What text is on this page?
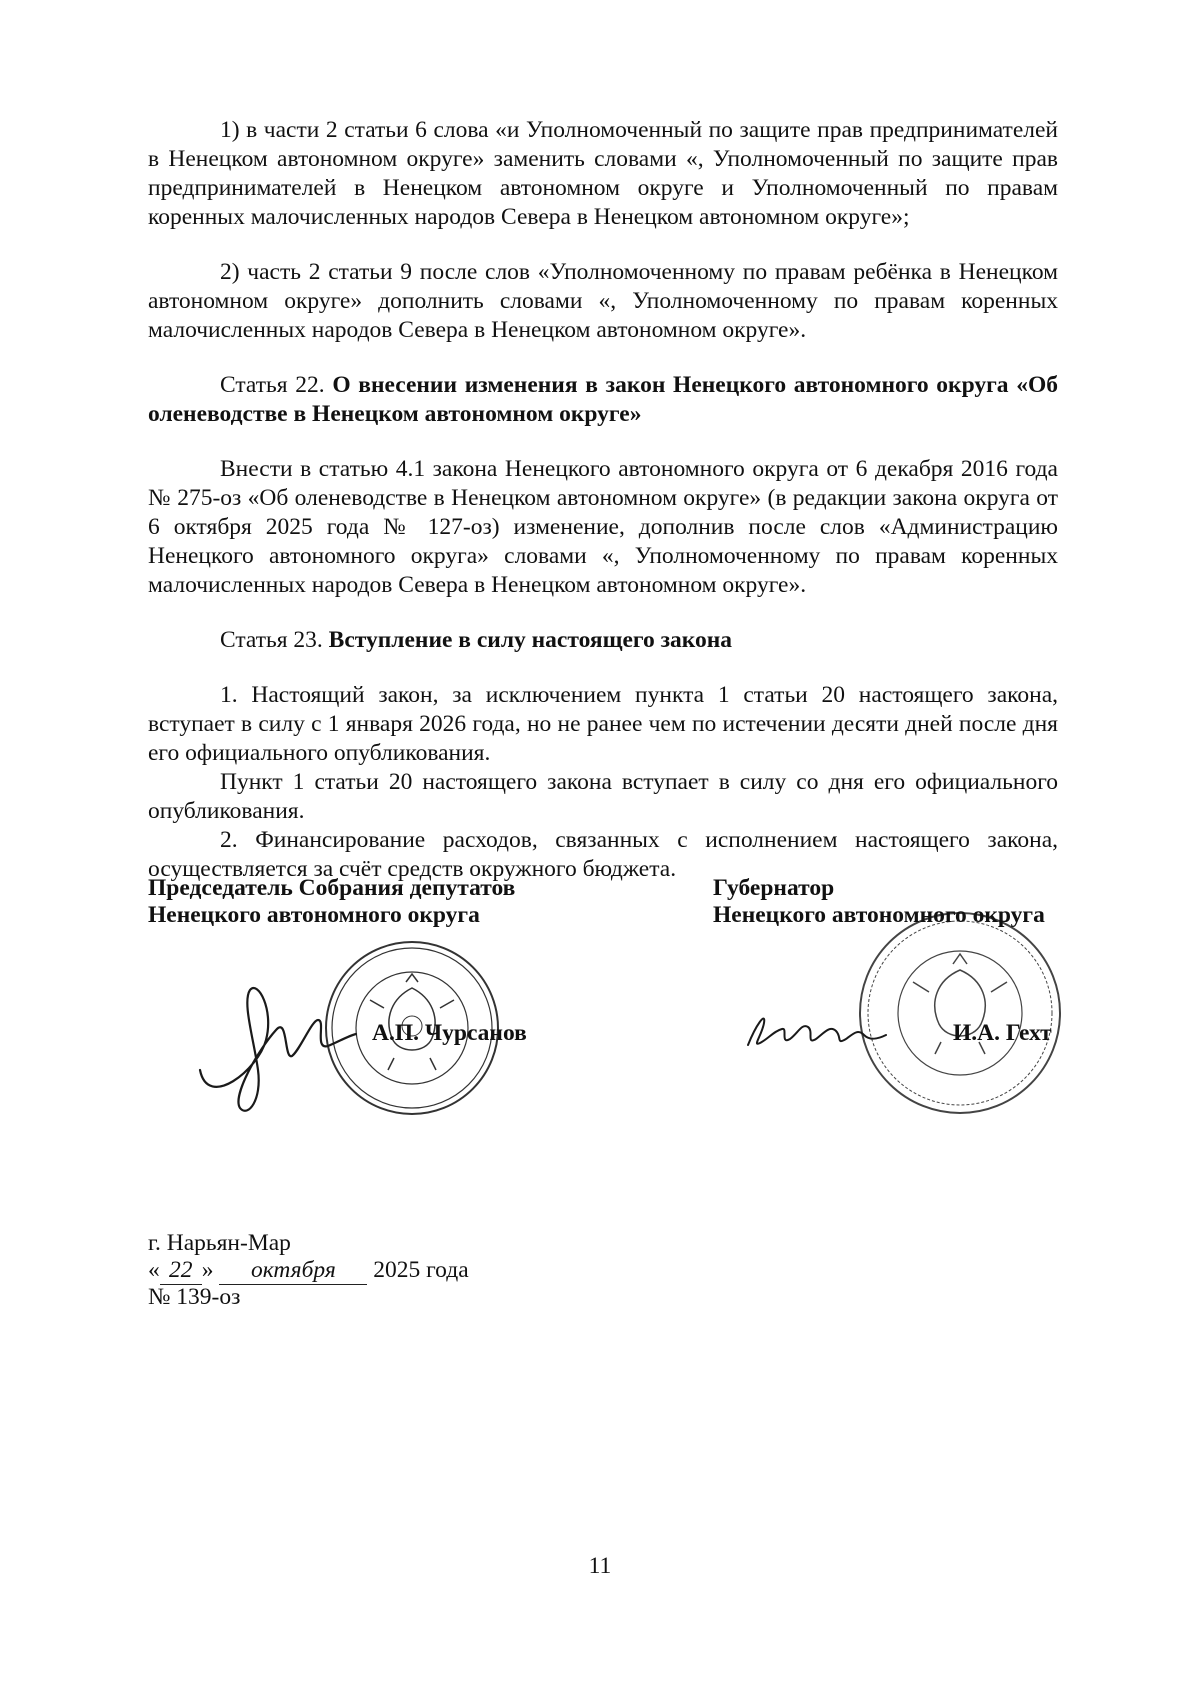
1) в части 2 статьи 6 слова «и Уполномоченный по защите прав предпринимателей в Ненецком автономном округе» заменить словами «, Уполномоченный по защите прав предпринимателей в Ненецком автономном округе и Уполномоченный по правам коренных малочисленных народов Севера в Ненецком автономном округе»;

2) часть 2 статьи 9 после слов «Уполномоченному по правам ребёнка в Ненецком автономном округе» дополнить словами «, Уполномоченному по правам коренных малочисленных народов Севера в Ненецком автономном округе».

Статья 22. О внесении изменения в закон Ненецкого автономного округа «Об оленеводстве в Ненецком автономном округе»

Внести в статью 4.1 закона Ненецкого автономного округа от 6 декабря 2016 года № 275-оз «Об оленеводстве в Ненецком автономном округе» (в редакции закона округа от 6 октября 2025 года № 127-оз) изменение, дополнив после слов «Администрацию Ненецкого автономного округа» словами «, Уполномоченному по правам коренных малочисленных народов Севера в Ненецком автономном округе».

Статья 23. Вступление в силу настоящего закона

1. Настоящий закон, за исключением пункта 1 статьи 20 настоящего закона, вступает в силу с 1 января 2026 года, но не ранее чем по истечении десяти дней после дня его официального опубликования.

Пункт 1 статьи 20 настоящего закона вступает в силу со дня его официального опубликования.

2. Финансирование расходов, связанных с исполнением настоящего закона, осуществляется за счёт средств окружного бюджета.

Председатель Собрания депутатов
Ненецкого автономного округа
А.П. Чурсанов
Губернатор
Ненецкого автономного округа
И.А. Гехт
г. Нарьян-Мар
« 22 » октября 2025 года
№ 139-оз
11
